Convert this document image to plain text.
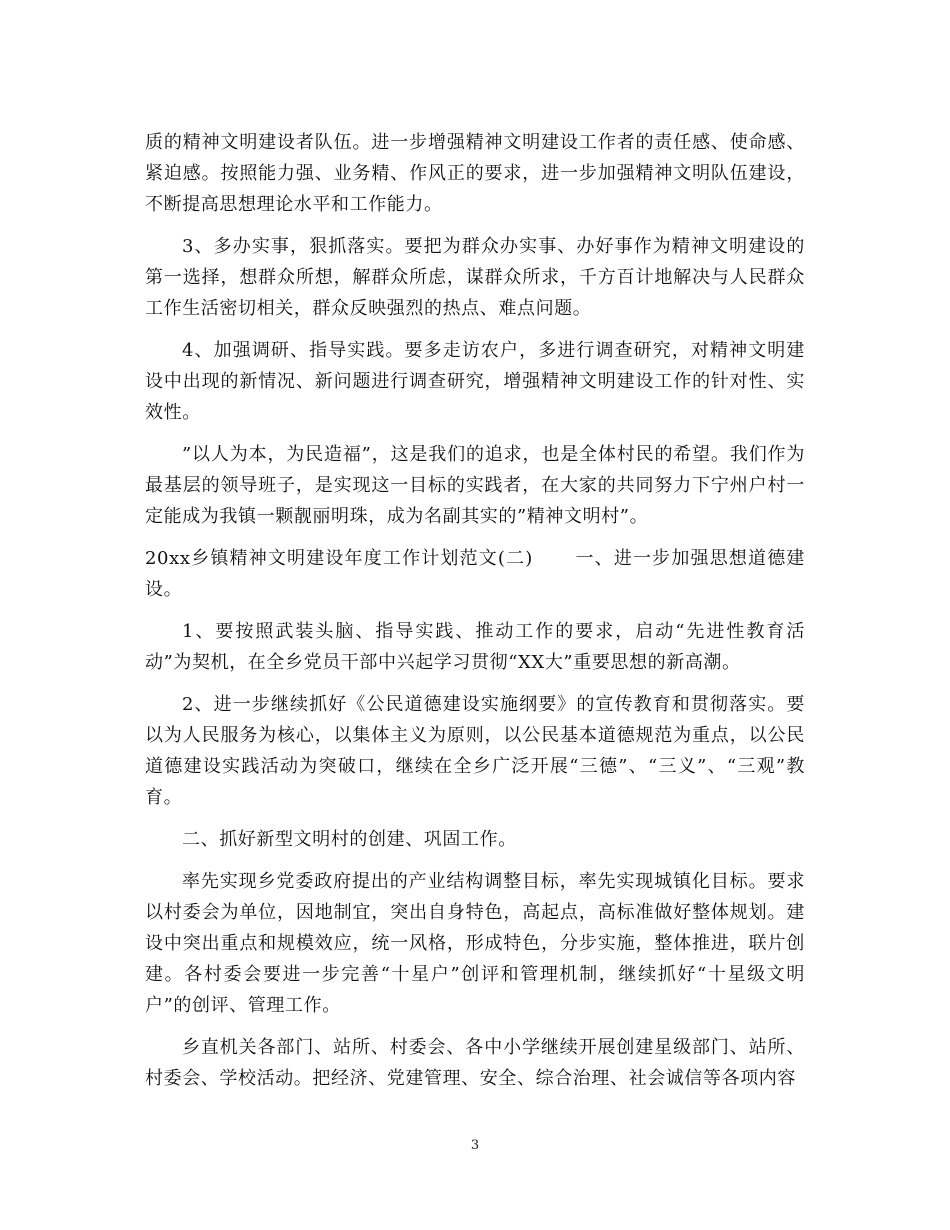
质的精神文明建设者队伍。进一步增强精神文明建设工作者的责任感、使命感、紧迫感。按照能力强、业务精、作风正的要求，进一步加强精神文明队伍建设，不断提高思想理论水平和工作能力。

3、多办实事，狠抓落实。要把为群众办实事、办好事作为精神文明建设的第一选择，想群众所想，解群众所虑，谋群众所求，千方百计地解决与人民群众工作生活密切相关，群众反映强烈的热点、难点问题。

4、加强调研、指导实践。要多走访农户，多进行调查研究，对精神文明建设中出现的新情况、新问题进行调查研究，增强精神文明建设工作的针对性、实效性。

”以人为本，为民造福”，这是我们的追求，也是全体村民的希望。我们作为最基层的领导班子，是实现这一目标的实践者，在大家的共同努力下宁州户村一定能成为我镇一颗靓丽明珠，成为名副其实的”精神文明村”。

20xx乡镇精神文明建设年度工作计划范文(二) 一、进一步加强思想道德建设。

1、要按照武装头脑、指导实践、推动工作的要求，启动“先进性教育活动”为契机，在全乡党员干部中兴起学习贯彻“XX大”重要思想的新高潮。

2、进一步继续抓好《公民道德建设实施纲要》的宣传教育和贯彻落实。要以为人民服务为核心，以集体主义为原则，以公民基本道德规范为重点，以公民道德建设实践活动为突破口，继续在全乡广泛开展“三德”、“三义”、“三观”教育。

二、抓好新型文明村的创建、巩固工作。

率先实现乡党委政府提出的产业结构调整目标，率先实现城镇化目标。要求以村委会为单位，因地制宜，突出自身特色，高起点，高标准做好整体规划。建设中突出重点和规模效应，统一风格，形成特色，分步实施，整体推进，联片创建。各村委会要进一步完善“十星户”创评和管理机制，继续抓好“十星级文明户”的创评、管理工作。

乡直机关各部门、站所、村委会、各中小学继续开展创建星级部门、站所、村委会、学校活动。把经济、党建管理、安全、综合治理、社会诚信等各项内容

3
